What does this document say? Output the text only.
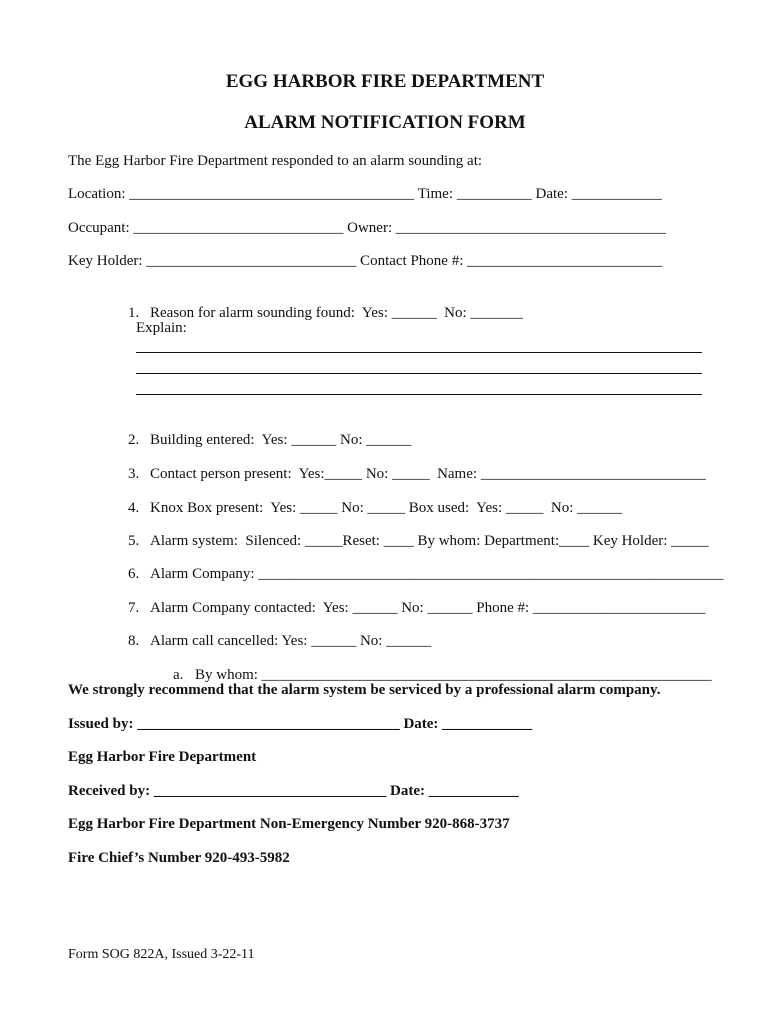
EGG HARBOR FIRE DEPARTMENT
ALARM NOTIFICATION FORM
The Egg Harbor Fire Department responded to an alarm sounding at:
Location: ______________________________________ Time: __________ Date: ____________
Occupant: ____________________________ Owner: ____________________________________
Key Holder: ____________________________ Contact Phone #: __________________________

1. Reason for alarm sounding found:  Yes: ______  No: _______

Explain:

2. Building entered:  Yes: ______ No: ______

3. Contact person present:  Yes:_____ No: _____  Name: ______________________________

4. Knox Box present:  Yes: _____ No: _____ Box used:  Yes: _____  No: ______

5. Alarm system:  Silenced: _____Reset: ____ By whom: Department:____ Key Holder: _____

6. Alarm Company: ______________________________________________________________

7. Alarm Company contacted:  Yes: ______ No: ______ Phone #: _______________________

8. Alarm call cancelled: Yes: ______ No: ______

a. By whom: ____________________________________________________________

We strongly recommend that the alarm system be serviced by a professional alarm company.
Issued by: ___________________________________ Date: ____________
Egg Harbor Fire Department
Received by: _______________________________ Date: ____________
Egg Harbor Fire Department Non-Emergency Number 920-868-3737
Fire Chief’s Number 920-493-5982
Form SOG 822A, Issued 3-22-11
